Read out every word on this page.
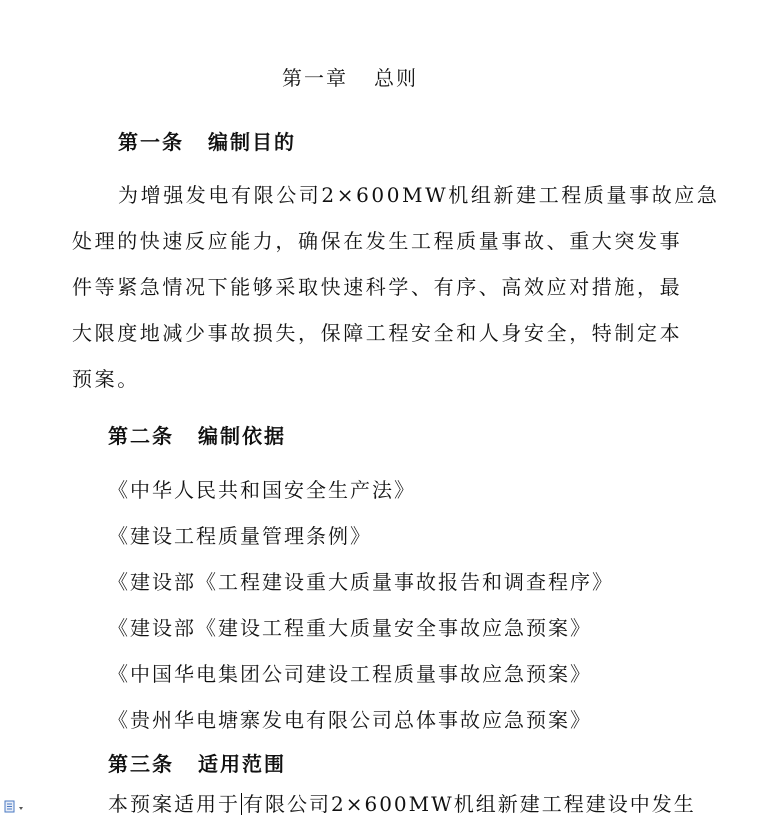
第一章 总则
第一条 编制目的

为增强发电有限公司2×600MW机组新建工程质量事故应急
处理的快速反应能力，确保在发生工程质量事故、重大突发事
件等紧急情况下能够采取快速科学、有序、高效应对措施，最
大限度地减少事故损失，保障工程安全和人身安全，特制定本
预案。

第二条 编制依据
《中华人民共和国安全生产法》
《建设工程质量管理条例》
《建设部《工程建设重大质量事故报告和调查程序》
《建设部《建设工程重大质量安全事故应急预案》
《中国华电集团公司建设工程质量事故应急预案》
《贵州华电塘寨发电有限公司总体事故应急预案》
第三条 适用范围
本预案适用于 有限公司2×600MW机组新建工程建设中发生
